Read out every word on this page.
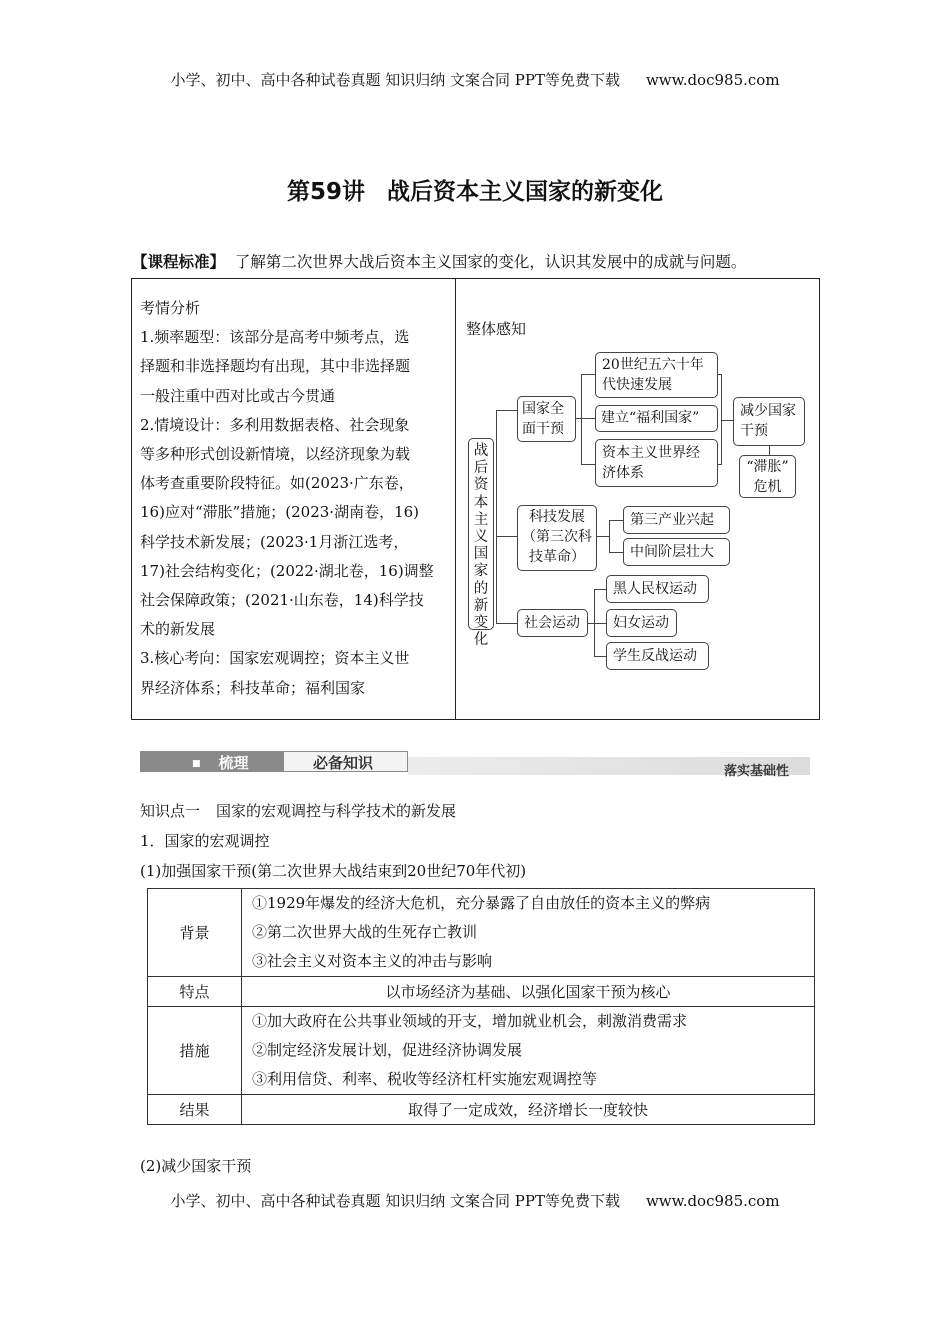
小学、初中、高中各种试卷真题 知识归纳 文案合同 PPT等免费下载 www.doc985.com
小学、初中、高中各种试卷真题 知识归纳 文案合同 PPT等免费下载 www.doc985.com
第59讲 战后资本主义国家的新变化
【课程标准】 了解第二次世界大战后资本主义国家的变化，认识其发展中的成就与问题。
考情分析
1.频率题型：该部分是高考中频考点，选
择题和非选择题均有出现，其中非选择题
一般注重中西对比或古今贯通
2.情境设计：多利用数据表格、社会现象
等多种形式创设新情境，以经济现象为载
体考查重要阶段特征。如(2023·广东卷，
16)应对“滞胀”措施；(2023·湖南卷，16)
科学技术新发展；(2023·1月浙江选考，
17)社会结构变化；(2022·湖北卷，16)调整
社会保障政策；(2021·山东卷，14)科学技
术的新发展
3.核心考向：国家宏观调控；资本主义世
界经济体系；科技革命；福利国家
整体感知
战后资本主义国家的新变化
国家全
面干预
20世纪五六十年
代快速发展
建立“福利国家”
资本主义世界经
济体系
减少国家
干预
“滞胀”
危机
科技发展
（第三次科
技革命）
第三产业兴起
中间阶层壮大
社会运动
黑人民权运动
妇女运动
学生反战运动
■ 梳理	必备知识	落实基础性
知识点一 国家的宏观调控与科学技术的新发展
1．国家的宏观调控
(1)加强国家干预(第二次世界大战结束到20世纪70年代初)
背景	①1929年爆发的经济大危机，充分暴露了自由放任的资本主义的弊病
②第二次世界大战的生死存亡教训
③社会主义对资本主义的冲击与影响

特点	以市场经济为基础、以强化国家干预为核心
措施	①加大政府在公共事业领域的开支，增加就业机会，刺激消费需求
②制定经济发展计划，促进经济协调发展
③利用信贷、利率、税收等经济杠杆实施宏观调控等

结果	取得了一定成效，经济增长一度较快
(2)减少国家干预
